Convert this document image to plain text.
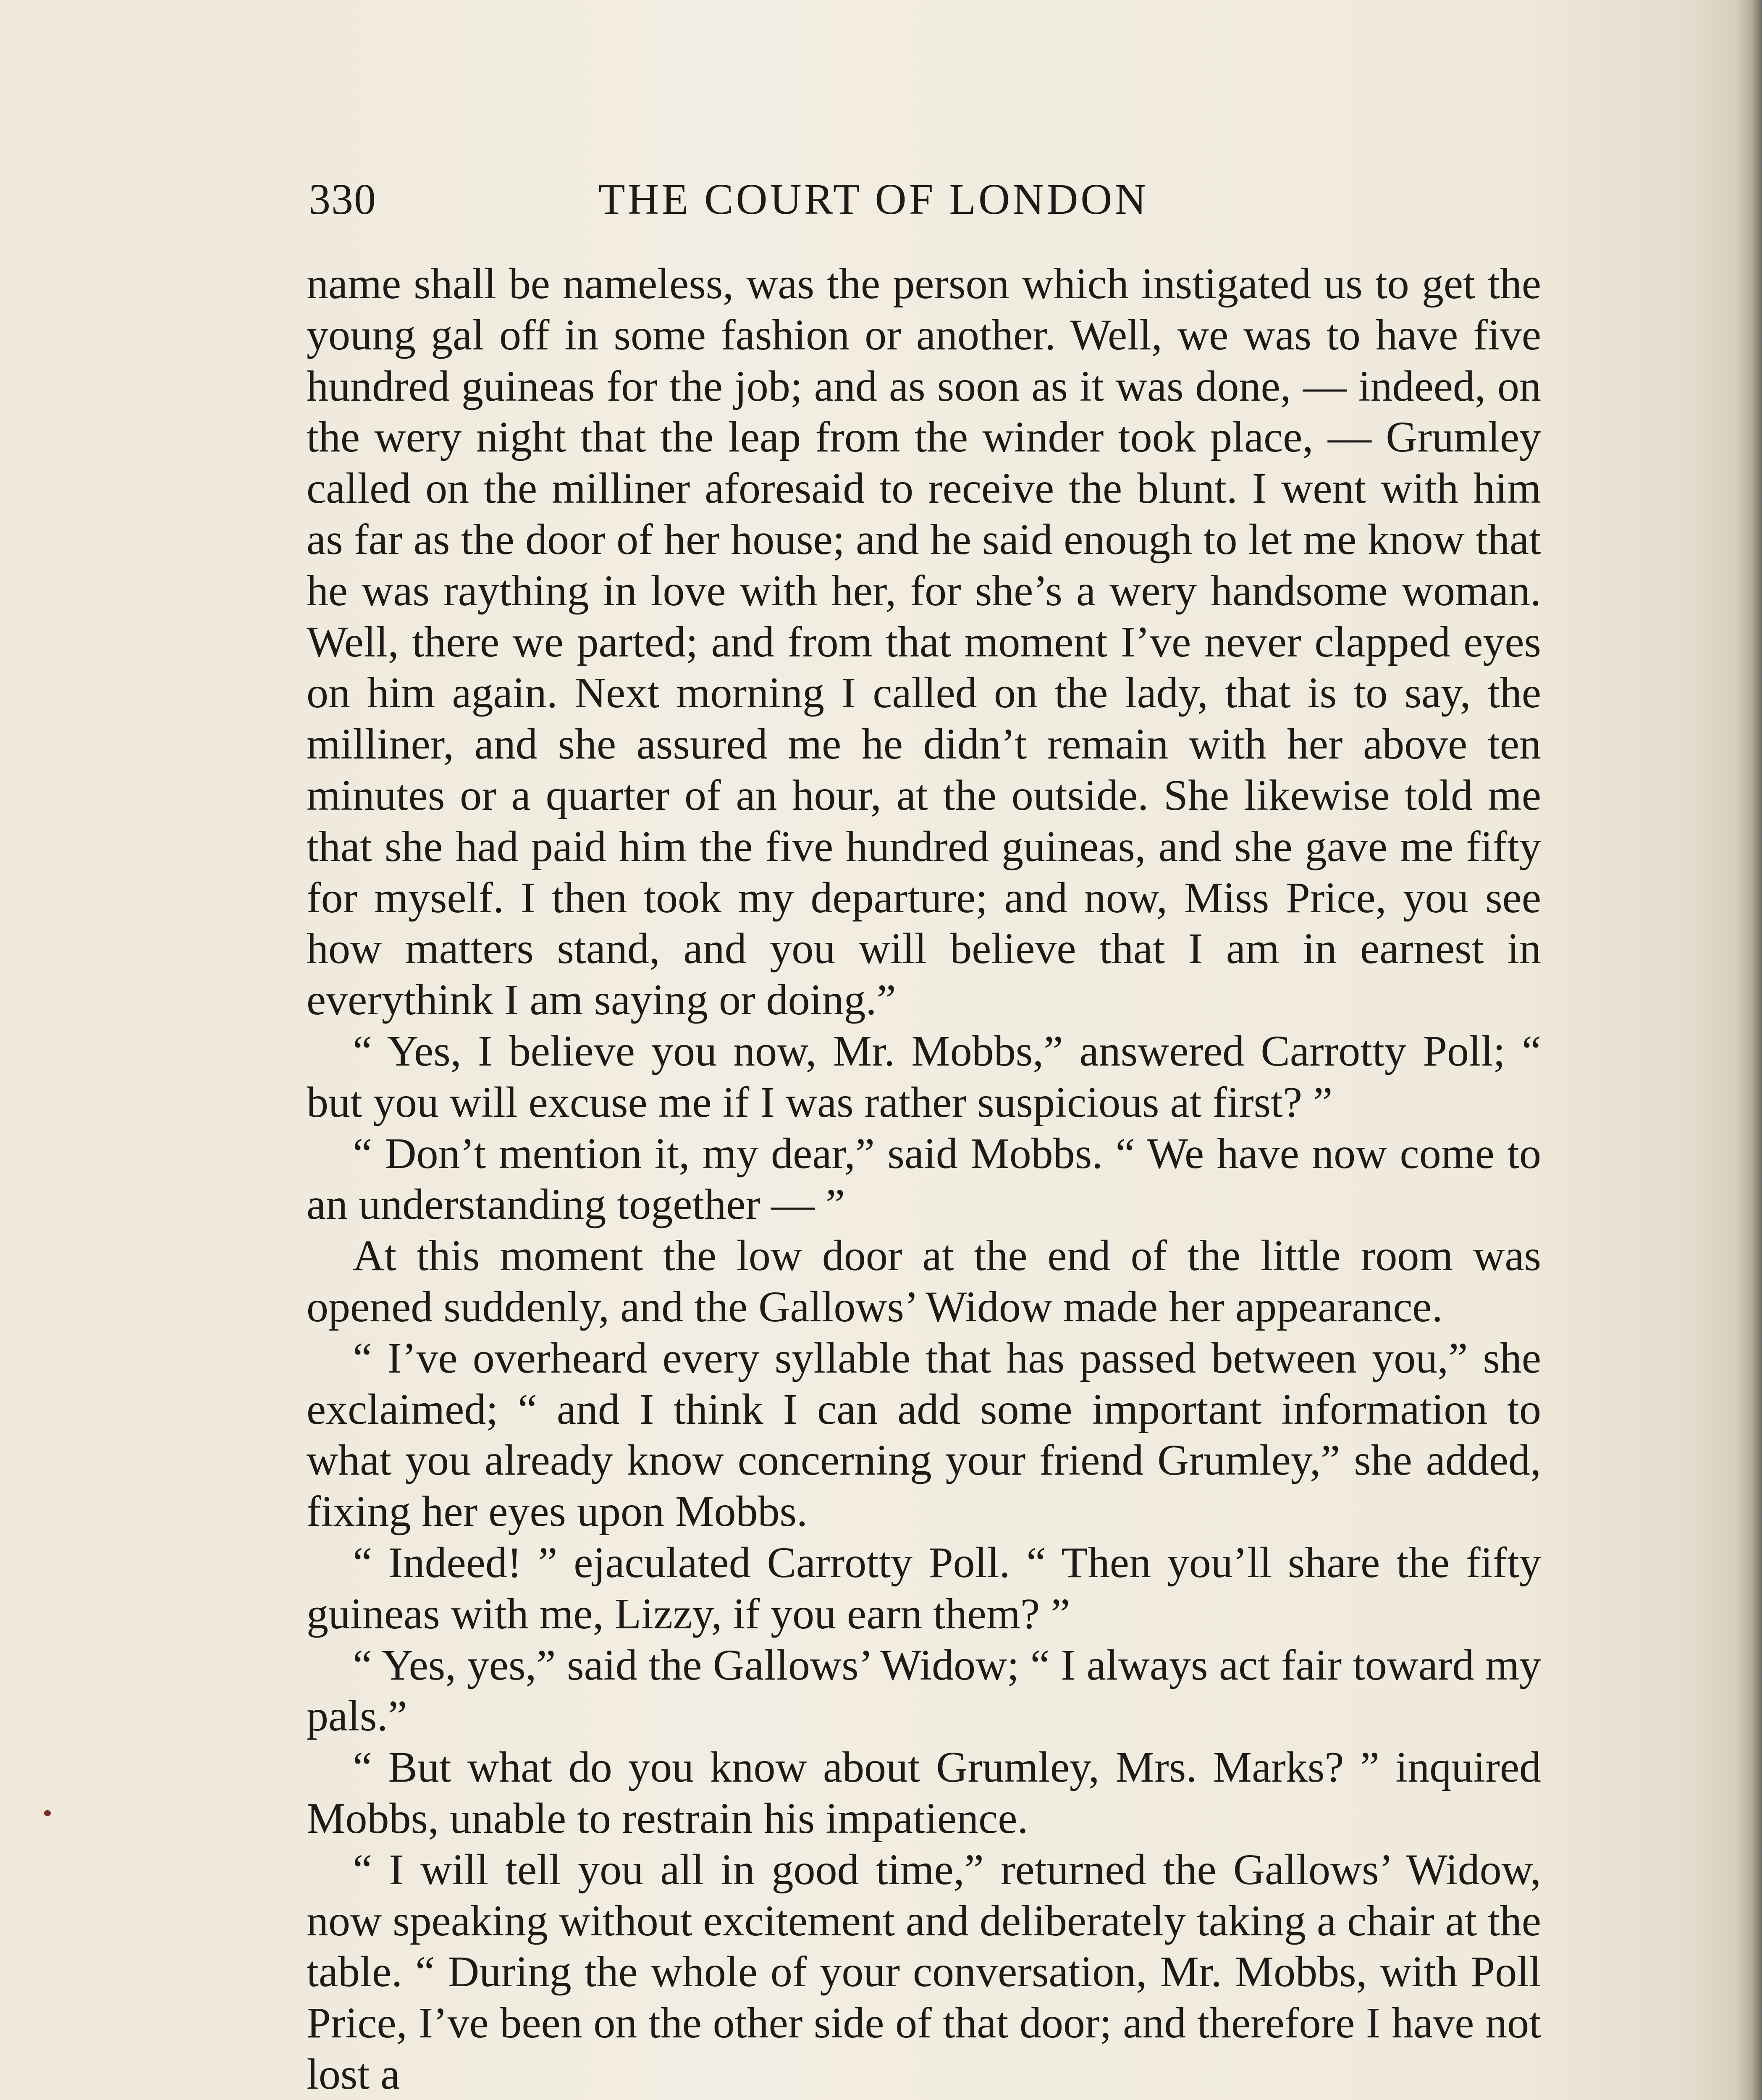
330	THE COURT OF LONDON

name shall be nameless, was the person which instigated us to get the young gal off in some fashion or another. Well, we was to have five hundred guineas for the job; and as soon as it was done, — indeed, on the wery night that the leap from the winder took place, — Grumley called on the milliner aforesaid to receive the blunt. I went with him as far as the door of her house; and he said enough to let me know that he was raything in love with her, for she’s a wery handsome woman. Well, there we parted; and from that moment I’ve never clapped eyes on him again. Next morning I called on the lady, that is to say, the milliner, and she assured me he didn’t remain with her above ten minutes or a quarter of an hour, at the outside. She likewise told me that she had paid him the five hundred guineas, and she gave me fifty for myself. I then took my departure; and now, Miss Price, you see how matters stand, and you will believe that I am in earnest in everythink I am saying or doing.”

“ Yes, I believe you now, Mr. Mobbs,” answered Carrotty Poll; “ but you will excuse me if I was rather suspicious at first? ”

“ Don’t mention it, my dear,” said Mobbs. “ We have now come to an understanding together — ”

At this moment the low door at the end of the little room was opened suddenly, and the Gallows’ Widow made her appearance.

“ I’ve overheard every syllable that has passed between you,” she exclaimed; “ and I think I can add some important information to what you already know concerning your friend Grumley,” she added, fixing her eyes upon Mobbs.

“ Indeed! ” ejaculated Carrotty Poll. “ Then you’ll share the fifty guineas with me, Lizzy, if you earn them? ”

“ Yes, yes,” said the Gallows’ Widow; “ I always act fair toward my pals.”

“ But what do you know about Grumley, Mrs. Marks? ” inquired Mobbs, unable to restrain his impatience.

“ I will tell you all in good time,” returned the Gallows’ Widow, now speaking without excitement and deliberately taking a chair at the table. “ During the whole of your conversation, Mr. Mobbs, with Poll Price, I’ve been on the other side of that door; and therefore I have not lost a
